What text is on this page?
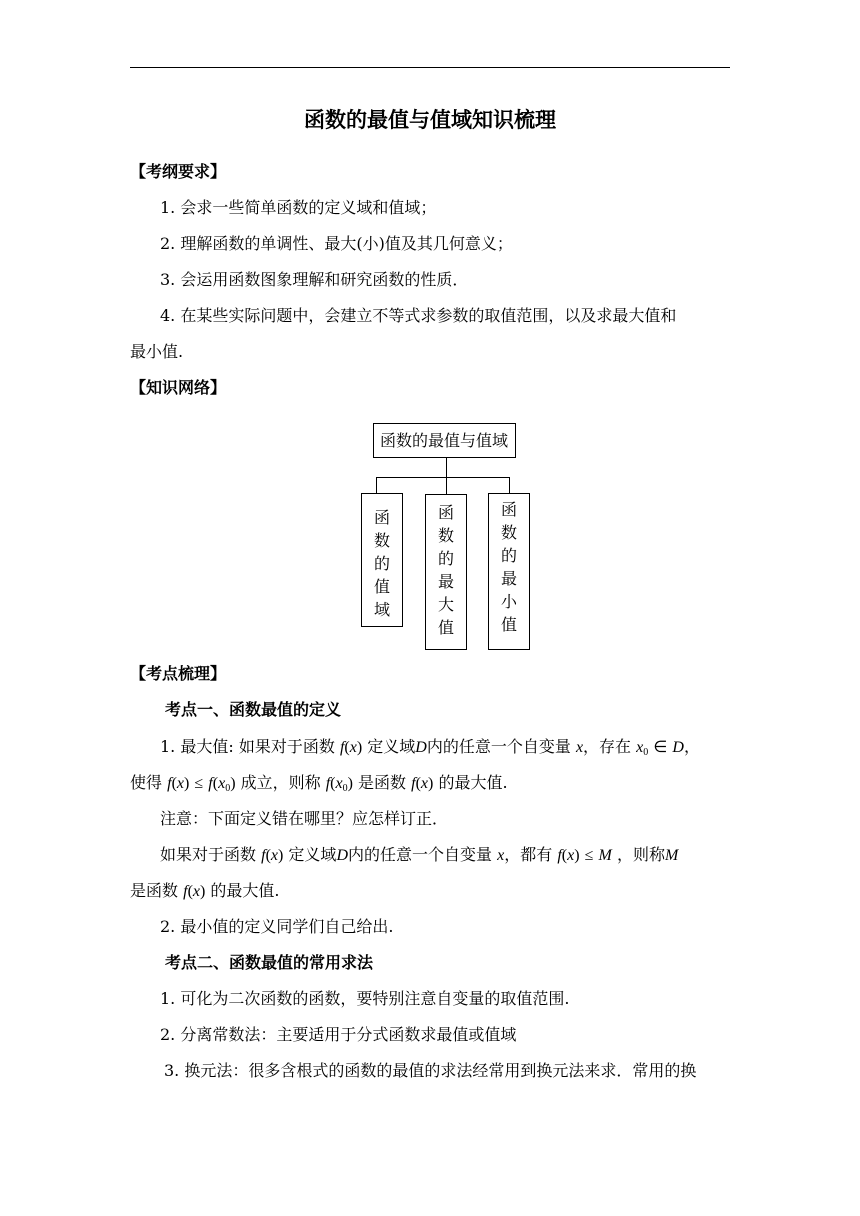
函数的最值与值域知识梳理
【考纲要求】
1. 会求一些简单函数的定义域和值域；
2. 理解函数的单调性、最大(小)值及其几何意义；
3. 会运用函数图象理解和研究函数的性质．
4. 在某些实际问题中，会建立不等式求参数的取值范围，以及求最大值和
最小值.
【知识网络】
函数的最值与值域
函
数
的
值
域
函
数
的
最
大
值
函
数
的
最
小
值
【考点梳理】
考点一、函数最值的定义
1. 最大值: 如果对于函数 f(x) 定义域D内的任意一个自变量 x，存在 $x_0$ ∈ D，
使得 $f(x) \le f(x_0)$ 成立，则称 $f(x_0)$ 是函数 f(x) 的最大值.
注意：下面定义错在哪里？应怎样订正．
如果对于函数 f(x) 定义域D内的任意一个自变量 x，都有 f(x) ≤ M ，则称M
是函数 f(x) 的最大值.
2. 最小值的定义同学们自己给出.
考点二、函数最值的常用求法
1. 可化为二次函数的函数，要特别注意自变量的取值范围.
2. 分离常数法：主要适用于分式函数求最值或值域
3. 换元法：很多含根式的函数的最值的求法经常用到换元法来求．常用的换
